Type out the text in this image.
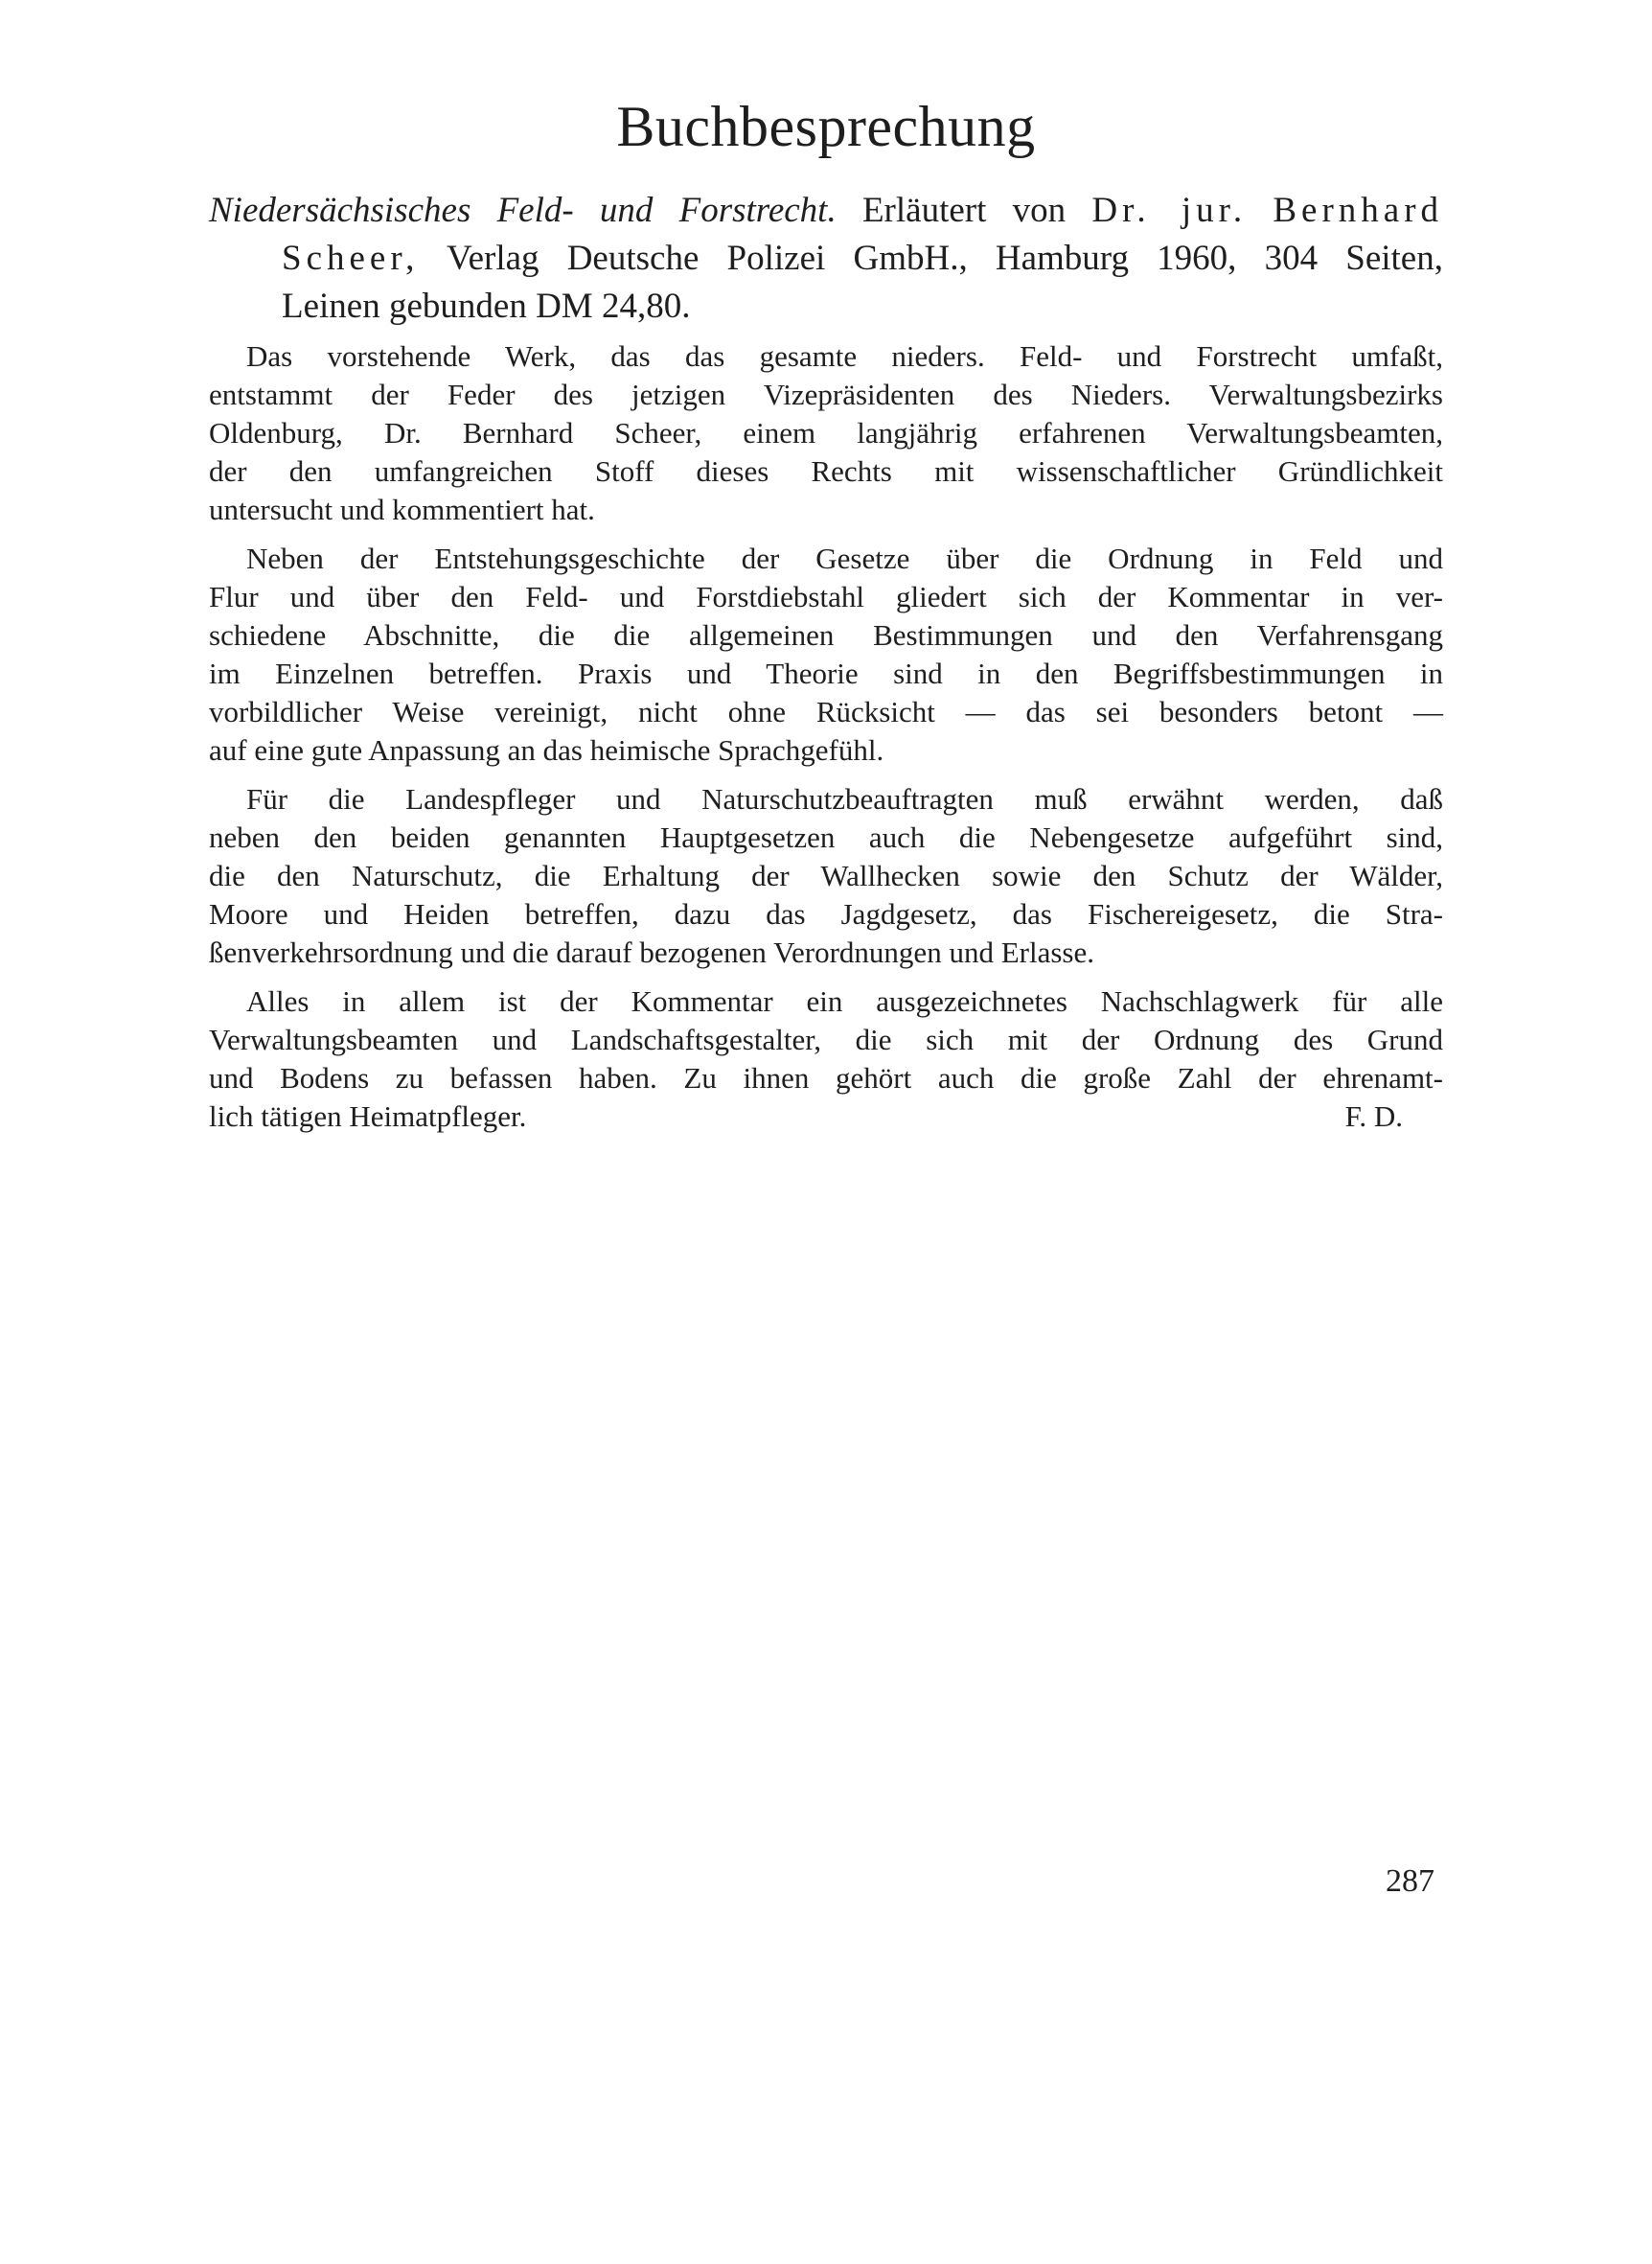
Buchbesprechung
Niedersächsisches Feld- und Forstrecht. Erläutert von Dr. jur. Bernhard
Scheer, Verlag Deutsche Polizei GmbH., Hamburg 1960, 304 Seiten,
Leinen gebunden DM 24,80.
Das vorstehende Werk, das das gesamte nieders. Feld- und Forstrecht umfaßt,
entstammt der Feder des jetzigen Vizepräsidenten des Nieders. Verwaltungsbezirks
Oldenburg, Dr. Bernhard Scheer, einem langjährig erfahrenen Verwaltungsbeamten,
der den umfangreichen Stoff dieses Rechts mit wissenschaftlicher Gründlichkeit
untersucht und kommentiert hat.
Neben der Entstehungsgeschichte der Gesetze über die Ordnung in Feld und
Flur und über den Feld- und Forstdiebstahl gliedert sich der Kommentar in ver-
schiedene Abschnitte, die die allgemeinen Bestimmungen und den Verfahrensgang
im Einzelnen betreffen. Praxis und Theorie sind in den Begriffsbestimmungen in
vorbildlicher Weise vereinigt, nicht ohne Rücksicht — das sei besonders betont —
auf eine gute Anpassung an das heimische Sprachgefühl.
Für die Landespfleger und Naturschutzbeauftragten muß erwähnt werden, daß
neben den beiden genannten Hauptgesetzen auch die Nebengesetze aufgeführt sind,
die den Naturschutz, die Erhaltung der Wallhecken sowie den Schutz der Wälder,
Moore und Heiden betreffen, dazu das Jagdgesetz, das Fischereigesetz, die Stra-
ßenverkehrsordnung und die darauf bezogenen Verordnungen und Erlasse.
Alles in allem ist der Kommentar ein ausgezeichnetes Nachschlagwerk für alle
Verwaltungsbeamten und Landschaftsgestalter, die sich mit der Ordnung des Grund
und Bodens zu befassen haben. Zu ihnen gehört auch die große Zahl der ehrenamt-
lich tätigen Heimatpfleger.	F. D.
287
